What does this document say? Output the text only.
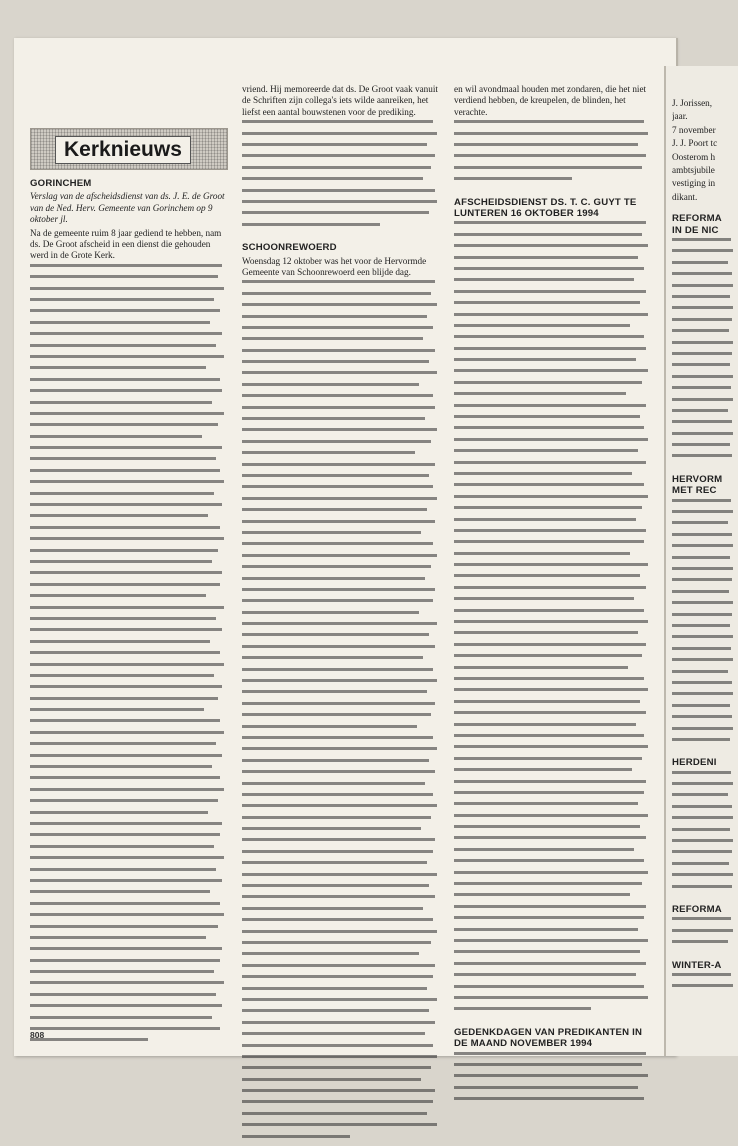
Kerknieuws

GORINCHEM

Verslag van de afscheidsdienst van ds. J. E. de Groot van de Ned. Herv. Gemeente van Gorinchem op 9 oktober jl.

Na de gemeente ruim 8 jaar gediend te hebben, nam ds. De Groot afscheid in een dienst die gehouden werd in de Grote Kerk.

vriend. Hij memoreerde dat ds. De Groot vaak vanuit de Schriften zijn collega's iets wilde aanreiken, het liefst een aantal bouwstenen voor de prediking.

SCHOONREWOERD

Woensdag 12 oktober was het voor de Hervormde Gemeente van Schoonrewoerd een blijde dag.

en wil avondmaal houden met zondaren, die het niet verdiend hebben, de kreupelen, de blinden, het verachte.

AFSCHEIDSDIENST DS. T. C. GUYT TE LUNTEREN 16 OKTOBER 1994

GEDENKDAGEN VAN PREDIKANTEN IN DE MAAND NOVEMBER 1994

J. Jorissen,

jaar.

7 november

J. J. Poort tc

Oosterom h

ambtsjubile

vestiging in

dikant.

REFORMA IN DE NIC

HERVORM MET REC

HERDENI

REFORMA

WINTER-A

808
